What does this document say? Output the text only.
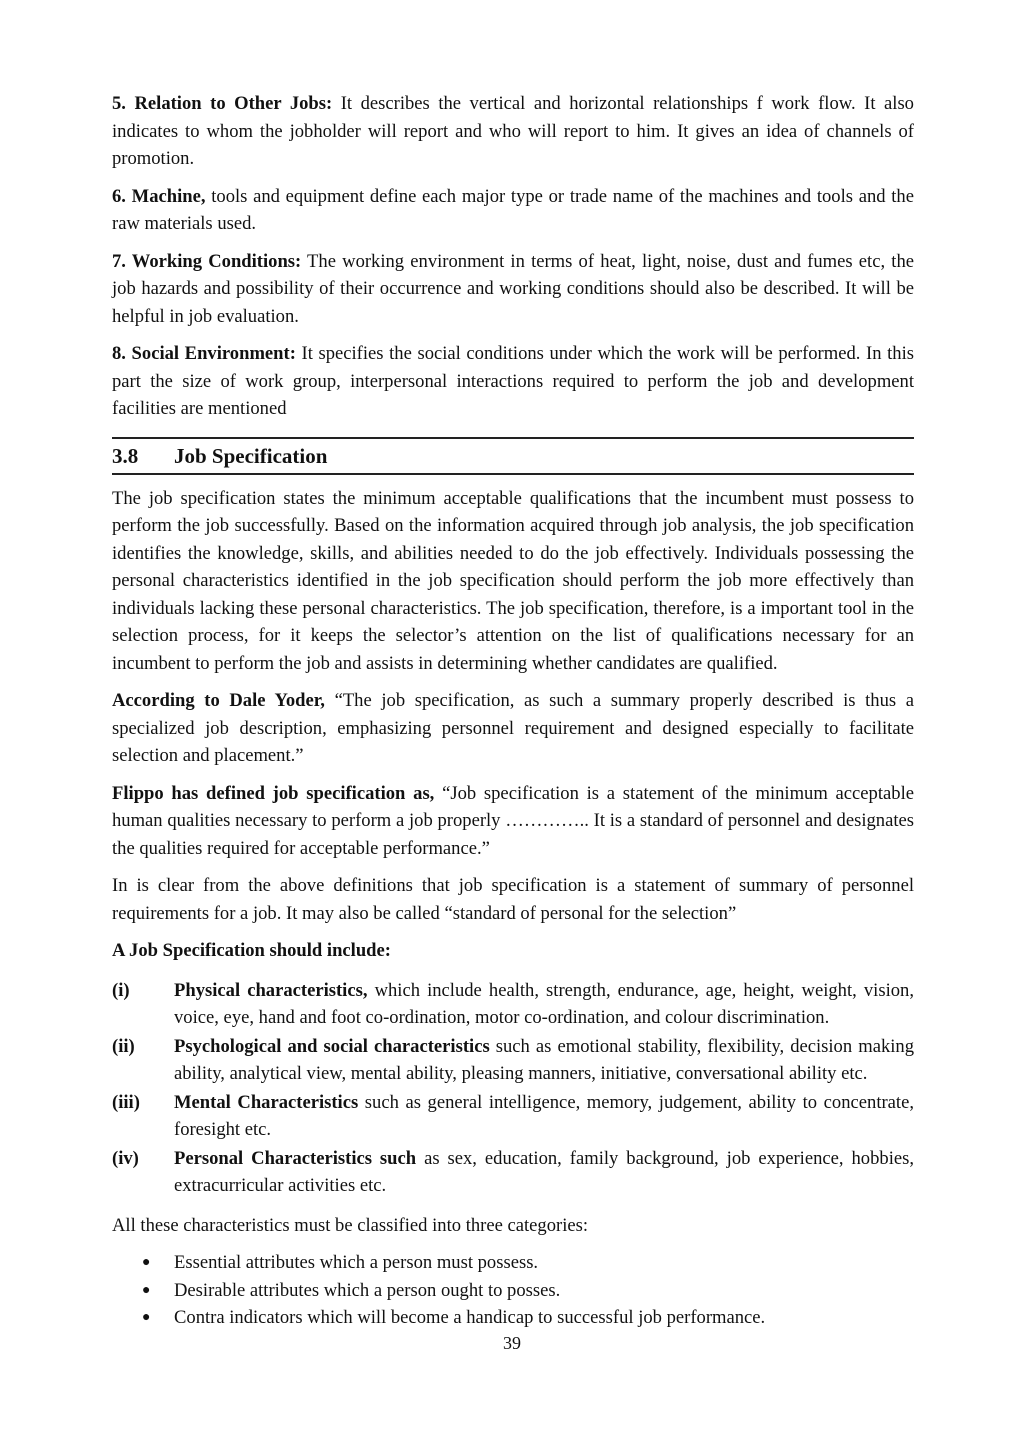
5. Relation to Other Jobs: It describes the vertical and horizontal relationships f work flow. It also indicates to whom the jobholder will report and who will report to him. It gives an idea of channels of promotion.

6. Machine, tools and equipment define each major type or trade name of the machines and tools and the raw materials used.

7. Working Conditions: The working environment in terms of heat, light, noise, dust and fumes etc, the job hazards and possibility of their occurrence and working conditions should also be described. It will be helpful in job evaluation.

8. Social Environment: It specifies the social conditions under which the work will be performed. In this part the size of work group, interpersonal interactions required to perform the job and development facilities are mentioned

3.8	Job Specification

The job specification states the minimum acceptable qualifications that the incumbent must possess to perform the job successfully. Based on the information acquired through job analysis, the job specification identifies the knowledge, skills, and abilities needed to do the job effectively. Individuals possessing the personal characteristics identified in the job specification should perform the job more effectively than individuals lacking these personal characteristics. The job specification, therefore, is a important tool in the selection process, for it keeps the selector’s attention on the list of qualifications necessary for an incumbent to perform the job and assists in determining whether candidates are qualified.

According to Dale Yoder, “The job specification, as such a summary properly described is thus a specialized job description, emphasizing personnel requirement and designed especially to facilitate selection and placement.”

Flippo has defined job specification as, “Job specification is a statement of the minimum acceptable human qualities necessary to perform a job properly ………….. It is a standard of personnel and designates the qualities required for acceptable performance.”

In is clear from the above definitions that job specification is a statement of summary of personnel requirements for a job. It may also be called “standard of personal for the selection”

A Job Specification should include:

(i)	Physical characteristics, which include health, strength, endurance, age, height, weight, vision, voice, eye, hand and foot co-ordination, motor co-ordination, and colour discrimination.
(ii)	Psychological and social characteristics such as emotional stability, flexibility, decision making ability, analytical view, mental ability, pleasing manners, initiative, conversational ability etc.
(iii)	Mental Characteristics such as general intelligence, memory, judgement, ability to concentrate, foresight etc.
(iv)	Personal Characteristics such as sex, education, family background, job experience, hobbies, extracurricular activities etc.

All these characteristics must be classified into three categories:

●	Essential attributes which a person must possess.
●	Desirable attributes which a person ought to posses.
●	Contra indicators which will become a handicap to successful job performance.
39
